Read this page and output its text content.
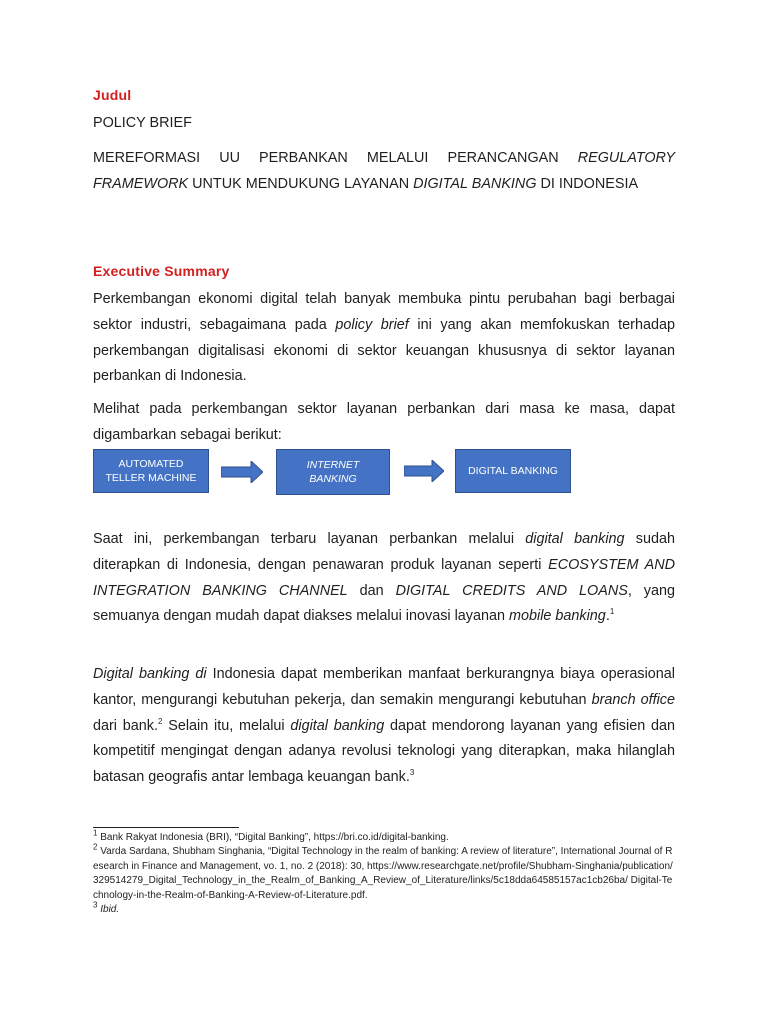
Judul
POLICY BRIEF

MEREFORMASI UU PERBANKAN MELALUI PERANCANGAN REGULATORY FRAMEWORK UNTUK MENDUKUNG LAYANAN DIGITAL BANKING DI INDONESIA

Executive Summary

Perkembangan ekonomi digital telah banyak membuka pintu perubahan bagi berbagai sektor industri, sebagaimana pada policy brief ini yang akan memfokuskan terhadap perkembangan digitalisasi ekonomi di sektor keuangan khususnya di sektor layanan perbankan di Indonesia.

Melihat pada perkembangan sektor layanan perbankan dari masa ke masa, dapat digambarkan sebagai berikut:

AUTOMATED
TELLER MACHINE
INTERNET
BANKING
DIGITAL BANKING

Saat ini, perkembangan terbaru layanan perbankan melalui digital banking sudah diterapkan di Indonesia, dengan penawaran produk layanan seperti ECOSYSTEM AND INTEGRATION BANKING CHANNEL dan DIGITAL CREDITS AND LOANS, yang semuanya dengan mudah dapat diakses melalui inovasi layanan mobile banking.$^1$

Digital banking di Indonesia dapat memberikan manfaat berkurangnya biaya operasional kantor, mengurangi kebutuhan pekerja, dan semakin mengurangi kebutuhan branch office dari bank.$^2$ Selain itu, melalui digital banking dapat mendorong layanan yang efisien dan kompetitif mengingat dengan adanya revolusi teknologi yang diterapkan, maka hilanglah batasan geografis antar lembaga keuangan bank.$^3$

$^1$ Bank Rakyat Indonesia (BRI), “Digital Banking”, https://bri.co.id/digital-banking.

$^2$ Varda Sardana, Shubham Singhania, “Digital Technology in the realm of banking: A review of literature”, International Journal of Research in Finance and Management, vo. 1, no. 2 (2018): 30, https://www.researchgate.net/profile/Shubham-Singhania/publication/329514279_Digital_Technology_in_the_Realm_of_Banking_A_Review_of_Literature/links/5c18dda64585157ac1cb26ba/ Digital-Technology-in-the-Realm-of-Banking-A-Review-of-Literature.pdf.

$^3$ Ibid.
